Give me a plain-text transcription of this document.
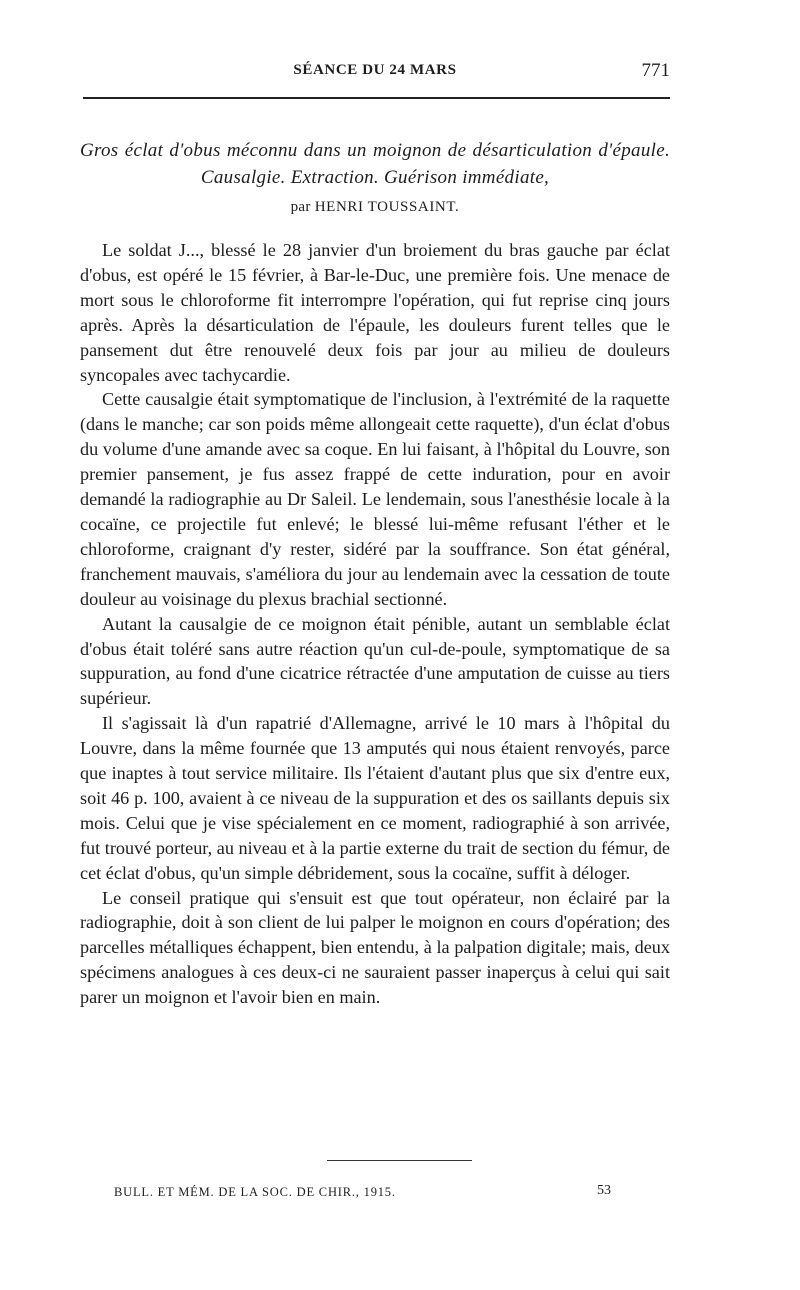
SÉANCE DU 24 MARS	771
Gros éclat d'obus méconnu dans un moignon de désarticulation d'épaule. Causalgie. Extraction. Guérison immédiate,
par HENRI TOUSSAINT.

Le soldat J..., blessé le 28 janvier d'un broiement du bras gauche par éclat d'obus, est opéré le 15 février, à Bar-le-Duc, une première fois. Une menace de mort sous le chloroforme fit interrompre l'opération, qui fut reprise cinq jours après. Après la désarticulation de l'épaule, les douleurs furent telles que le pansement dut être renouvelé deux fois par jour au milieu de douleurs syncopales avec tachycardie.

Cette causalgie était symptomatique de l'inclusion, à l'extrémité de la raquette (dans le manche; car son poids même allongeait cette raquette), d'un éclat d'obus du volume d'une amande avec sa coque. En lui faisant, à l'hôpital du Louvre, son premier pansement, je fus assez frappé de cette induration, pour en avoir demandé la radiographie au Dr Saleil. Le lendemain, sous l'anesthésie locale à la cocaïne, ce projectile fut enlevé; le blessé lui-même refusant l'éther et le chloroforme, craignant d'y rester, sidéré par la souffrance. Son état général, franchement mauvais, s'améliora du jour au lendemain avec la cessation de toute douleur au voisinage du plexus brachial sectionné.

Autant la causalgie de ce moignon était pénible, autant un semblable éclat d'obus était toléré sans autre réaction qu'un cul-de-poule, symptomatique de sa suppuration, au fond d'une cicatrice rétractée d'une amputation de cuisse au tiers supérieur.

Il s'agissait là d'un rapatrié d'Allemagne, arrivé le 10 mars à l'hôpital du Louvre, dans la même fournée que 13 amputés qui nous étaient renvoyés, parce que inaptes à tout service militaire. Ils l'étaient d'autant plus que six d'entre eux, soit 46 p. 100, avaient à ce niveau de la suppuration et des os saillants depuis six mois. Celui que je vise spécialement en ce moment, radiographié à son arrivée, fut trouvé porteur, au niveau et à la partie externe du trait de section du fémur, de cet éclat d'obus, qu'un simple débridement, sous la cocaïne, suffit à déloger.

Le conseil pratique qui s'ensuit est que tout opérateur, non éclairé par la radiographie, doit à son client de lui palper le moignon en cours d'opération; des parcelles métalliques échappent, bien entendu, à la palpation digitale; mais, deux spécimens analogues à ces deux-ci ne sauraient passer inaperçus à celui qui sait parer un moignon et l'avoir bien en main.

BULL. ET MÉM. DE LA SOC. DE CHIR., 1915.	53
